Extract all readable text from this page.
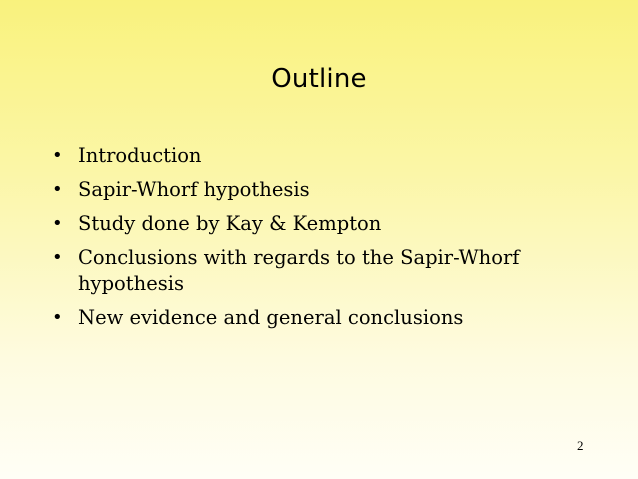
Outline
• Introduction
• Sapir-Whorf hypothesis
• Study done by Kay & Kempton
• Conclusions with regards to the Sapir-Whorf hypothesis
• New evidence and general conclusions
2
